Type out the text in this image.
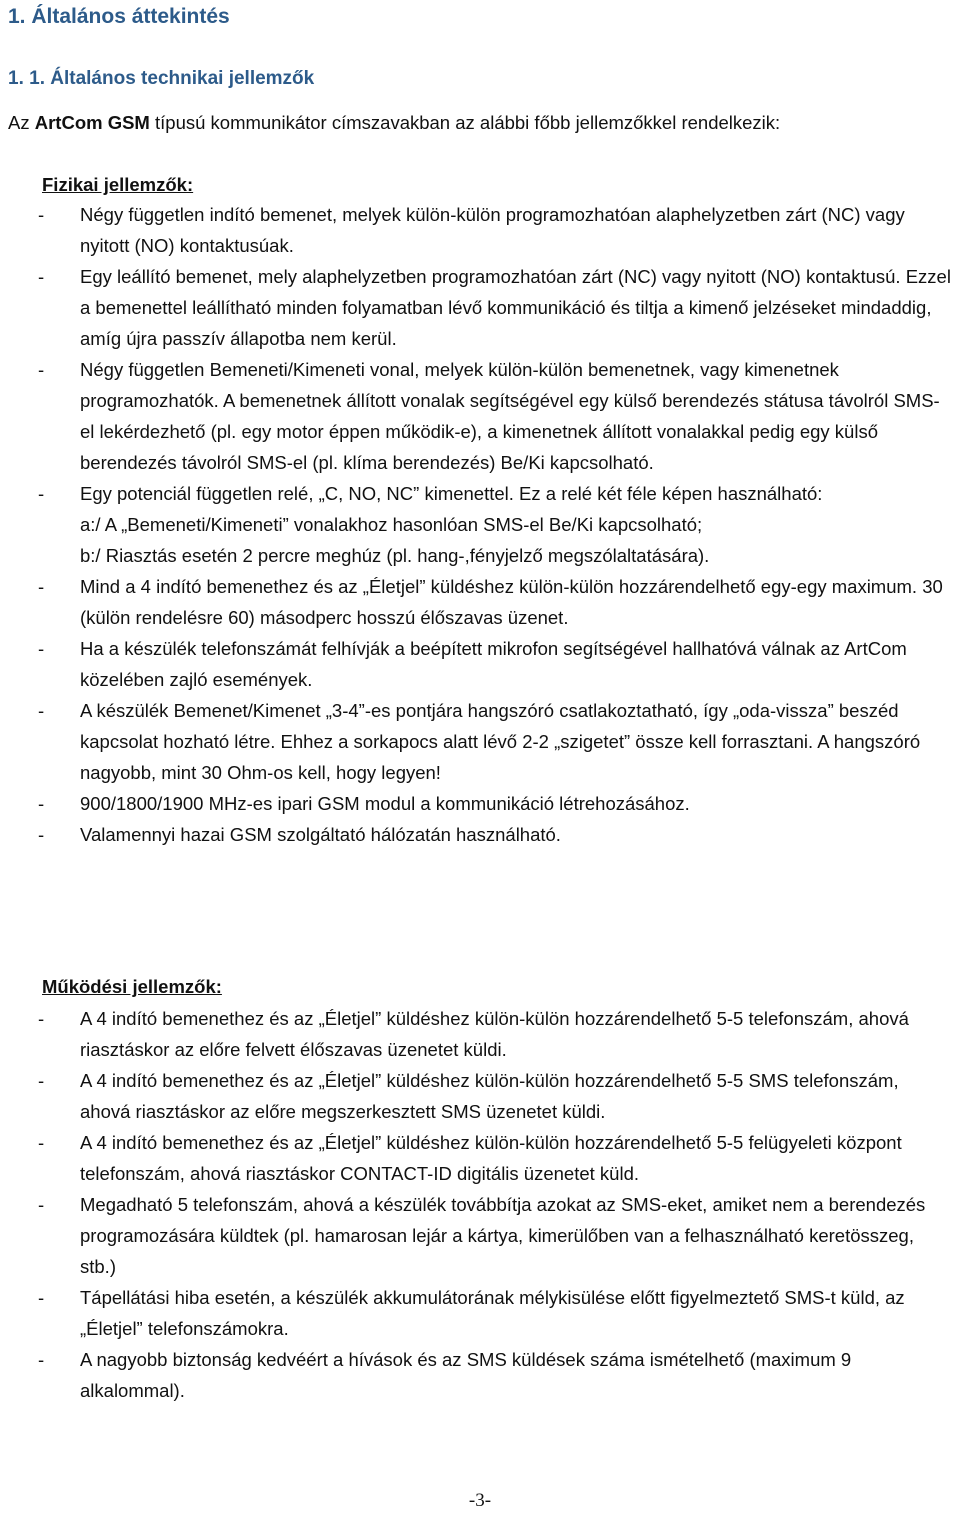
1. Általános áttekintés
1. 1. Általános technikai jellemzők
Az ArtCom GSM típusú kommunikátor címszavakban az alábbi főbb jellemzőkkel rendelkezik:
Fizikai jellemzők:
- Négy független indító bemenet, melyek külön-külön programozhatóan alaphelyzetben zárt (NC) vagy nyitott (NO) kontaktusúak.
- Egy leállító bemenet, mely alaphelyzetben programozhatóan zárt (NC) vagy nyitott (NO) kontaktusú. Ezzel a bemenettel leállítható minden folyamatban lévő kommunikáció és tiltja a kimenő jelzéseket mindaddig, amíg újra passzív állapotba nem kerül.
- Négy független Bemeneti/Kimeneti vonal, melyek külön-külön bemenetnek, vagy kimenetnek programozhatók. A bemenetnek állított vonalak segítségével egy külső berendezés státusa távolról SMS-el lekérdezhető (pl. egy motor éppen működik-e), a kimenetnek állított vonalakkal pedig egy külső berendezés távolról SMS-el (pl. klíma berendezés) Be/Ki kapcsolható.
- Egy potenciál független relé, „C, NO, NC” kimenettel. Ez a relé két féle képen használható:
a:/ A „Bemeneti/Kimeneti” vonalakhoz hasonlóan SMS-el Be/Ki kapcsolható;
b:/ Riasztás esetén 2 percre meghúz (pl. hang-,fényjelző megszólaltatására).
- Mind a 4 indító bemenethez és az „Életjel” küldéshez külön-külön hozzárendelhető egy-egy maximum. 30 (külön rendelésre 60) másodperc hosszú élőszavas üzenet.
- Ha a készülék telefonszámát felhívják a beépített mikrofon segítségével hallhatóvá válnak az ArtCom közelében zajló események.
- A készülék Bemenet/Kimenet „3-4”-es pontjára hangszóró csatlakoztatható, így „oda-vissza” beszéd kapcsolat hozható létre. Ehhez a sorkapocs alatt lévő 2-2 „szigetet” össze kell forrasztani. A hangszóró nagyobb, mint 30 Ohm-os kell, hogy legyen!
- 900/1800/1900 MHz-es ipari GSM modul a kommunikáció létrehozásához.
- Valamennyi hazai GSM szolgáltató hálózatán használható.
Működési jellemzők:
- A 4 indító bemenethez és az „Életjel” küldéshez külön-külön hozzárendelhető 5-5 telefonszám, ahová riasztáskor az előre felvett élőszavas üzenetet küldi.
- A 4 indító bemenethez és az „Életjel” küldéshez külön-külön hozzárendelhető 5-5 SMS telefonszám, ahová riasztáskor az előre megszerkesztett SMS üzenetet küldi.
- A 4 indító bemenethez és az „Életjel” küldéshez külön-külön hozzárendelhető 5-5 felügyeleti központ telefonszám, ahová riasztáskor CONTACT-ID digitális üzenetet küld.
- Megadható 5 telefonszám, ahová a készülék továbbítja azokat az SMS-eket, amiket nem a berendezés programozására küldtek (pl. hamarosan lejár a kártya, kimerülőben van a felhasználható keretösszeg, stb.)
- Tápellátási hiba esetén, a készülék akkumulátorának mélykisülése előtt figyelmeztető SMS-t küld, az „Életjel” telefonszámokra.
- A nagyobb biztonság kedvéért a hívások és az SMS küldések száma ismételhető (maximum 9 alkalommal).
-3-
